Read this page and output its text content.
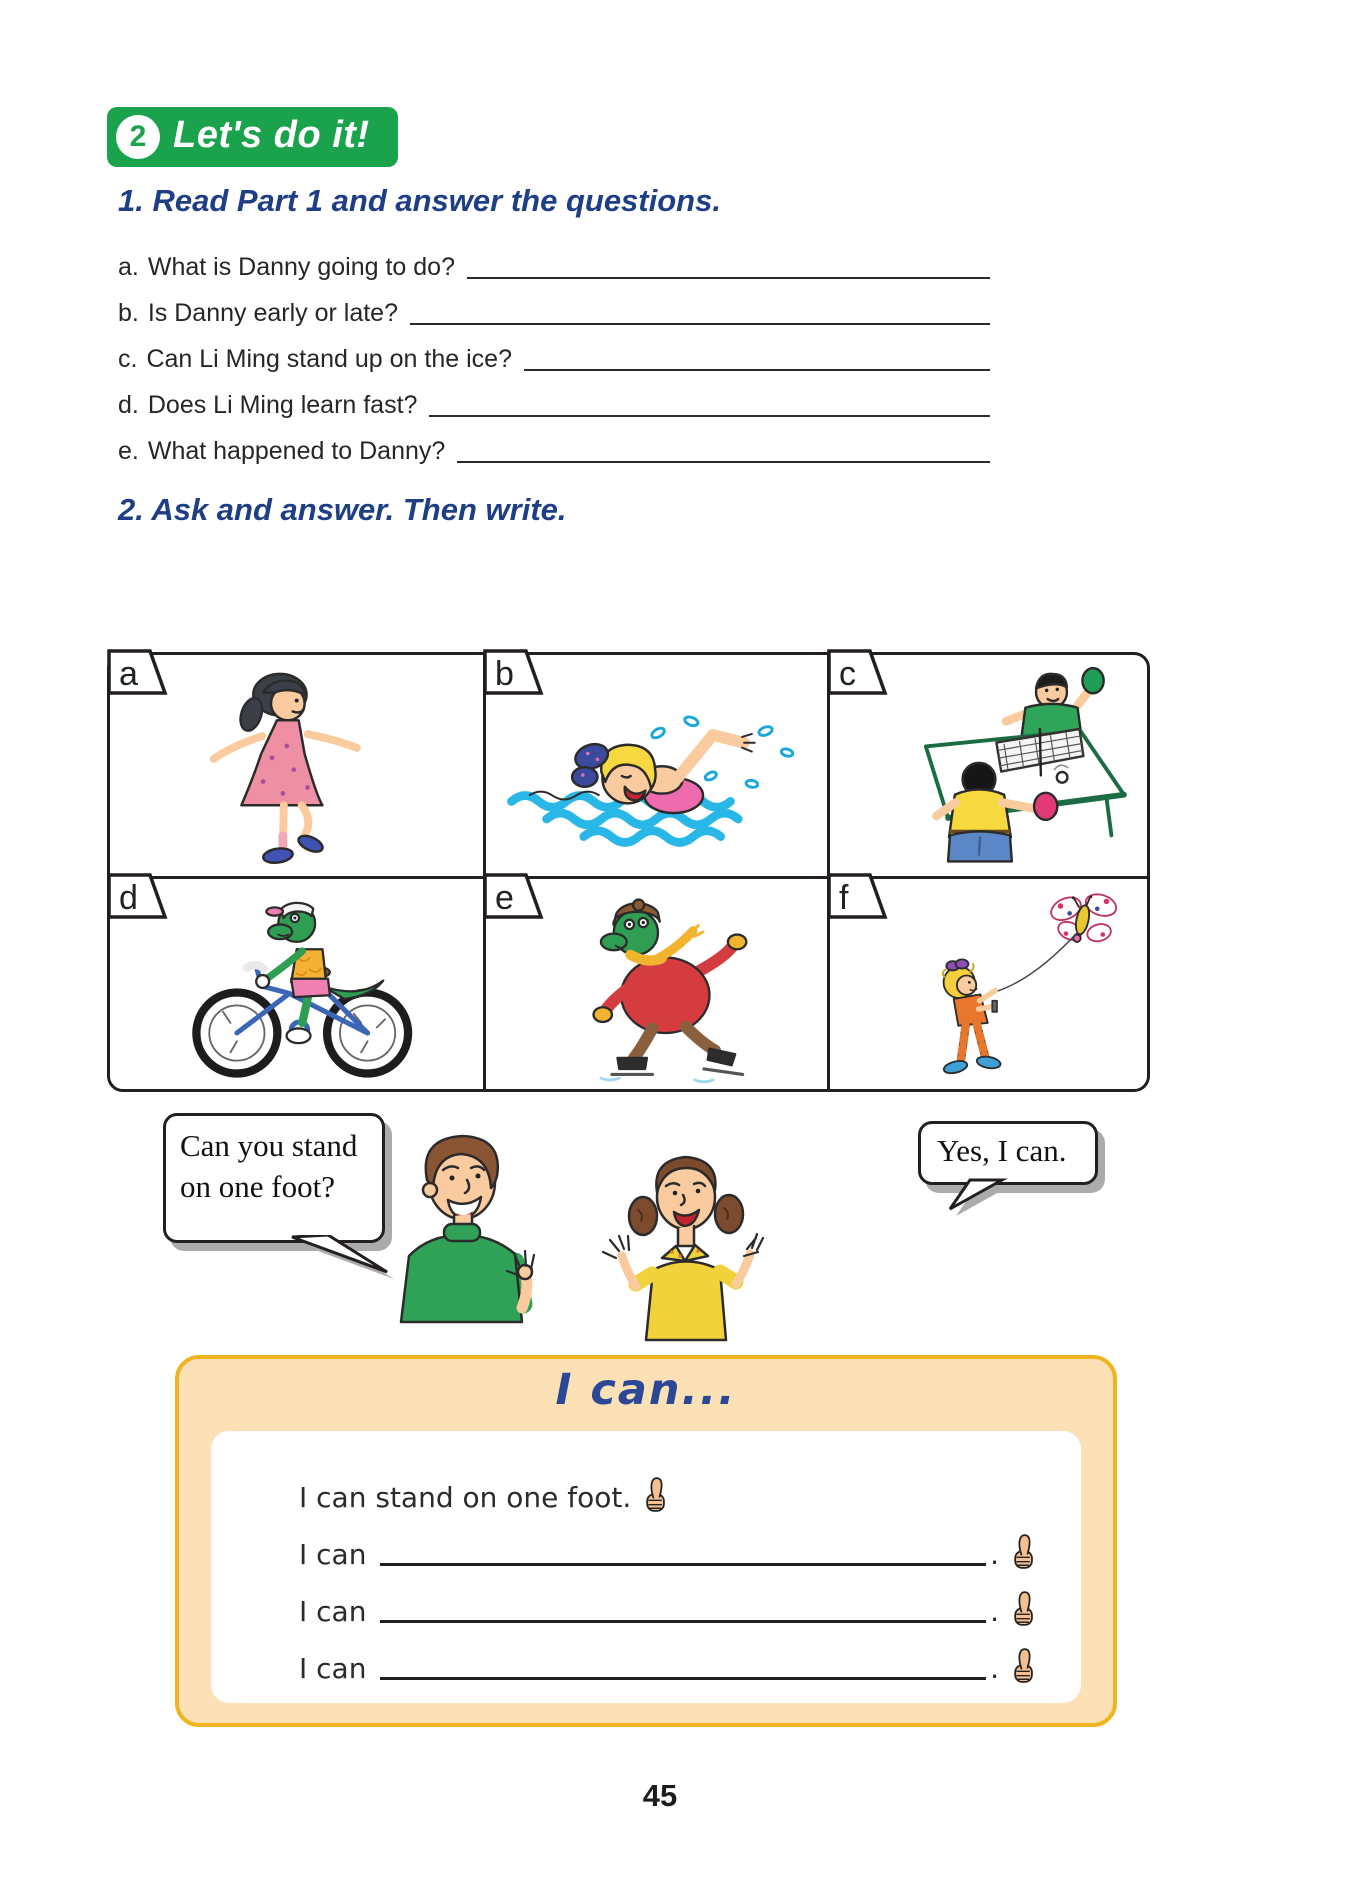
2 Let's do it!
1. Read Part 1 and answer the questions.
a. What is Danny going to do?
b. Is Danny early or late?
c. Can Li Ming stand up on the ice?
d. Does Li Ming learn fast?
e. What happened to Danny?
2. Ask and answer. Then write.
a	b	c
d	e	f
Can you stand on one foot?
Yes, I can.
I can...
I can stand on one foot.
I can	.
I can	.
I can	.
45
